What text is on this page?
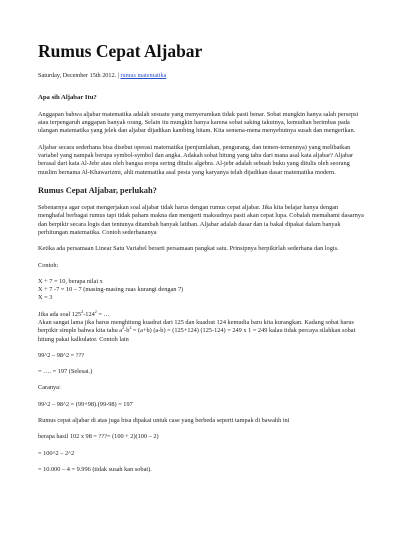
Rumus Cepat Aljabar
Saturday, December 15th 2012. | rumus matematika
Apa sih Aljabar Itu?

Anggapan bahwa aljabar matematika adalah sesuatu yang menyeramkan tidak pasti benar. Sobat mungkin hanya salah persepsi atau terpengaruh anggapan banyak orang. Selain itu mungkin hanya karena sobat saking takutnya, kemudian berimbas pada ulangan matematika yang jelek dan aljabar dijadikan kambing hitam. Kita semena-mena menyebutnya susah dan mengerikan.

Aljabar secara sederhana bisa disebut operasi matematika (penjumlahan, pengurang, dan temen-temennya) yang melibatkan variabel yang nampak berupa symbol-symbol dan angka. Adakah sobat hitung yang tahu dari mana asal kata aljabar? Aljabar berasal dari kata Al-Jebr atau oleh bangsa eropa sering ditulis algebra. Al-jebr adalah sebuah buku yang ditulis oleh seorang muslim bernama Al-Khawarizmi, ahli matematika asal pesia yang karyanya telah dijadikan dasar matematika modern.

Rumus Cepat Aljabar, perlukah?

Sebenarnya agar cepat mengerjakan soal aljabar tidak harus dengan rumus cepat aljabar. Jika kita belajar hanya dengan menghafal berbagai rumus tapi tidak paham makna dan mengerti maksudnya pasti akan cepat lupa. Cobalah memahami dasarnya dan berpikir secara logis dan tentunya ditambah banyak latihan. Aljabar adalah dasar dan ia bakal dipakai dalam banyak perhitungan matematika. Contoh sederhananya

Ketika ada persamaan Linear Satu Variabel berarti persamaan pangkat satu. Prinsipnya berpikirlah sederhana dan logis.

Contoh:

X + 7 = 10, berapa nilai x
X + 7 -7 = 10 – 7 (masing-masing ruas kurangi dengan 7)
X = 3
Jika ada soal $125^2-124^2$ = …
Akan sangat lama jika harus menghitung kuadrat dari 125 dan kuadrat 124 kemudia baru kita kurangkan. Kadang sobat harus berpikir simple bahwa kita tahu $a^2-b^2 = (a+b) (a-b) = (125+124) (125-124) = 249$ x 1 = 249 kalau tidak percaya silahkan sobat hitung pakai kalkulator. Contoh lain

99^2 – 98^2 = ???

= …. = 197 (Selesai.)

Caranya:

99^2 – 98^2 = (99+98).(99-98) = 197

Rumus cepat aljabar di atas juga bisa dipakai untuk case yang berbeda seperti tampak di bawahh ini

berapa hasil 102 x 98 = ???= (100 + 2)(100 – 2)

= 100^2 – 2^2

= 10.000 – 4 = 9.996 (tidak susah kan sobat).
